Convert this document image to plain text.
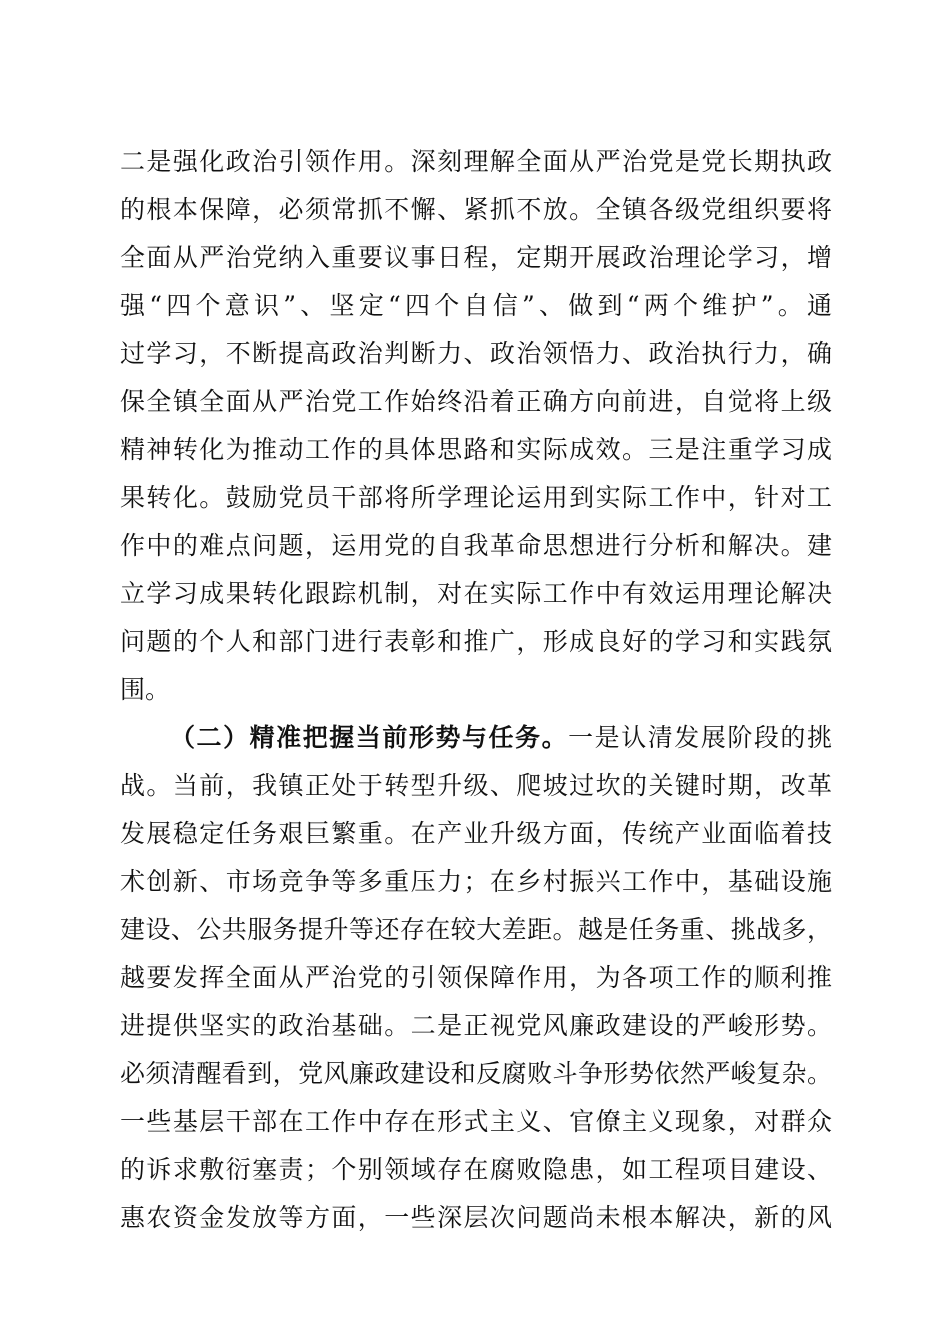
二是强化政治引领作用。深刻理解全面从严治党是党长期执政
的根本保障，必须常抓不懈、紧抓不放。全镇各级党组织要将
全面从严治党纳入重要议事日程，定期开展政治理论学习，增
强“四个意识”、坚定“四个自信”、做到“两个维护”。通
过学习，不断提高政治判断力、政治领悟力、政治执行力，确
保全镇全面从严治党工作始终沿着正确方向前进，自觉将上级
精神转化为推动工作的具体思路和实际成效。三是注重学习成
果转化。鼓励党员干部将所学理论运用到实际工作中，针对工
作中的难点问题，运用党的自我革命思想进行分析和解决。建
立学习成果转化跟踪机制，对在实际工作中有效运用理论解决
问题的个人和部门进行表彰和推广，形成良好的学习和实践氛
围。
（二）精准把握当前形势与任务。一是认清发展阶段的挑
战。当前，我镇正处于转型升级、爬坡过坎的关键时期，改革
发展稳定任务艰巨繁重。在产业升级方面，传统产业面临着技
术创新、市场竞争等多重压力；在乡村振兴工作中，基础设施
建设、公共服务提升等还存在较大差距。越是任务重、挑战多，
越要发挥全面从严治党的引领保障作用，为各项工作的顺利推
进提供坚实的政治基础。二是正视党风廉政建设的严峻形势。
必须清醒看到，党风廉政建设和反腐败斗争形势依然严峻复杂。
一些基层干部在工作中存在形式主义、官僚主义现象，对群众
的诉求敷衍塞责；个别领域存在腐败隐患，如工程项目建设、
惠农资金发放等方面，一些深层次问题尚未根本解决，新的风
